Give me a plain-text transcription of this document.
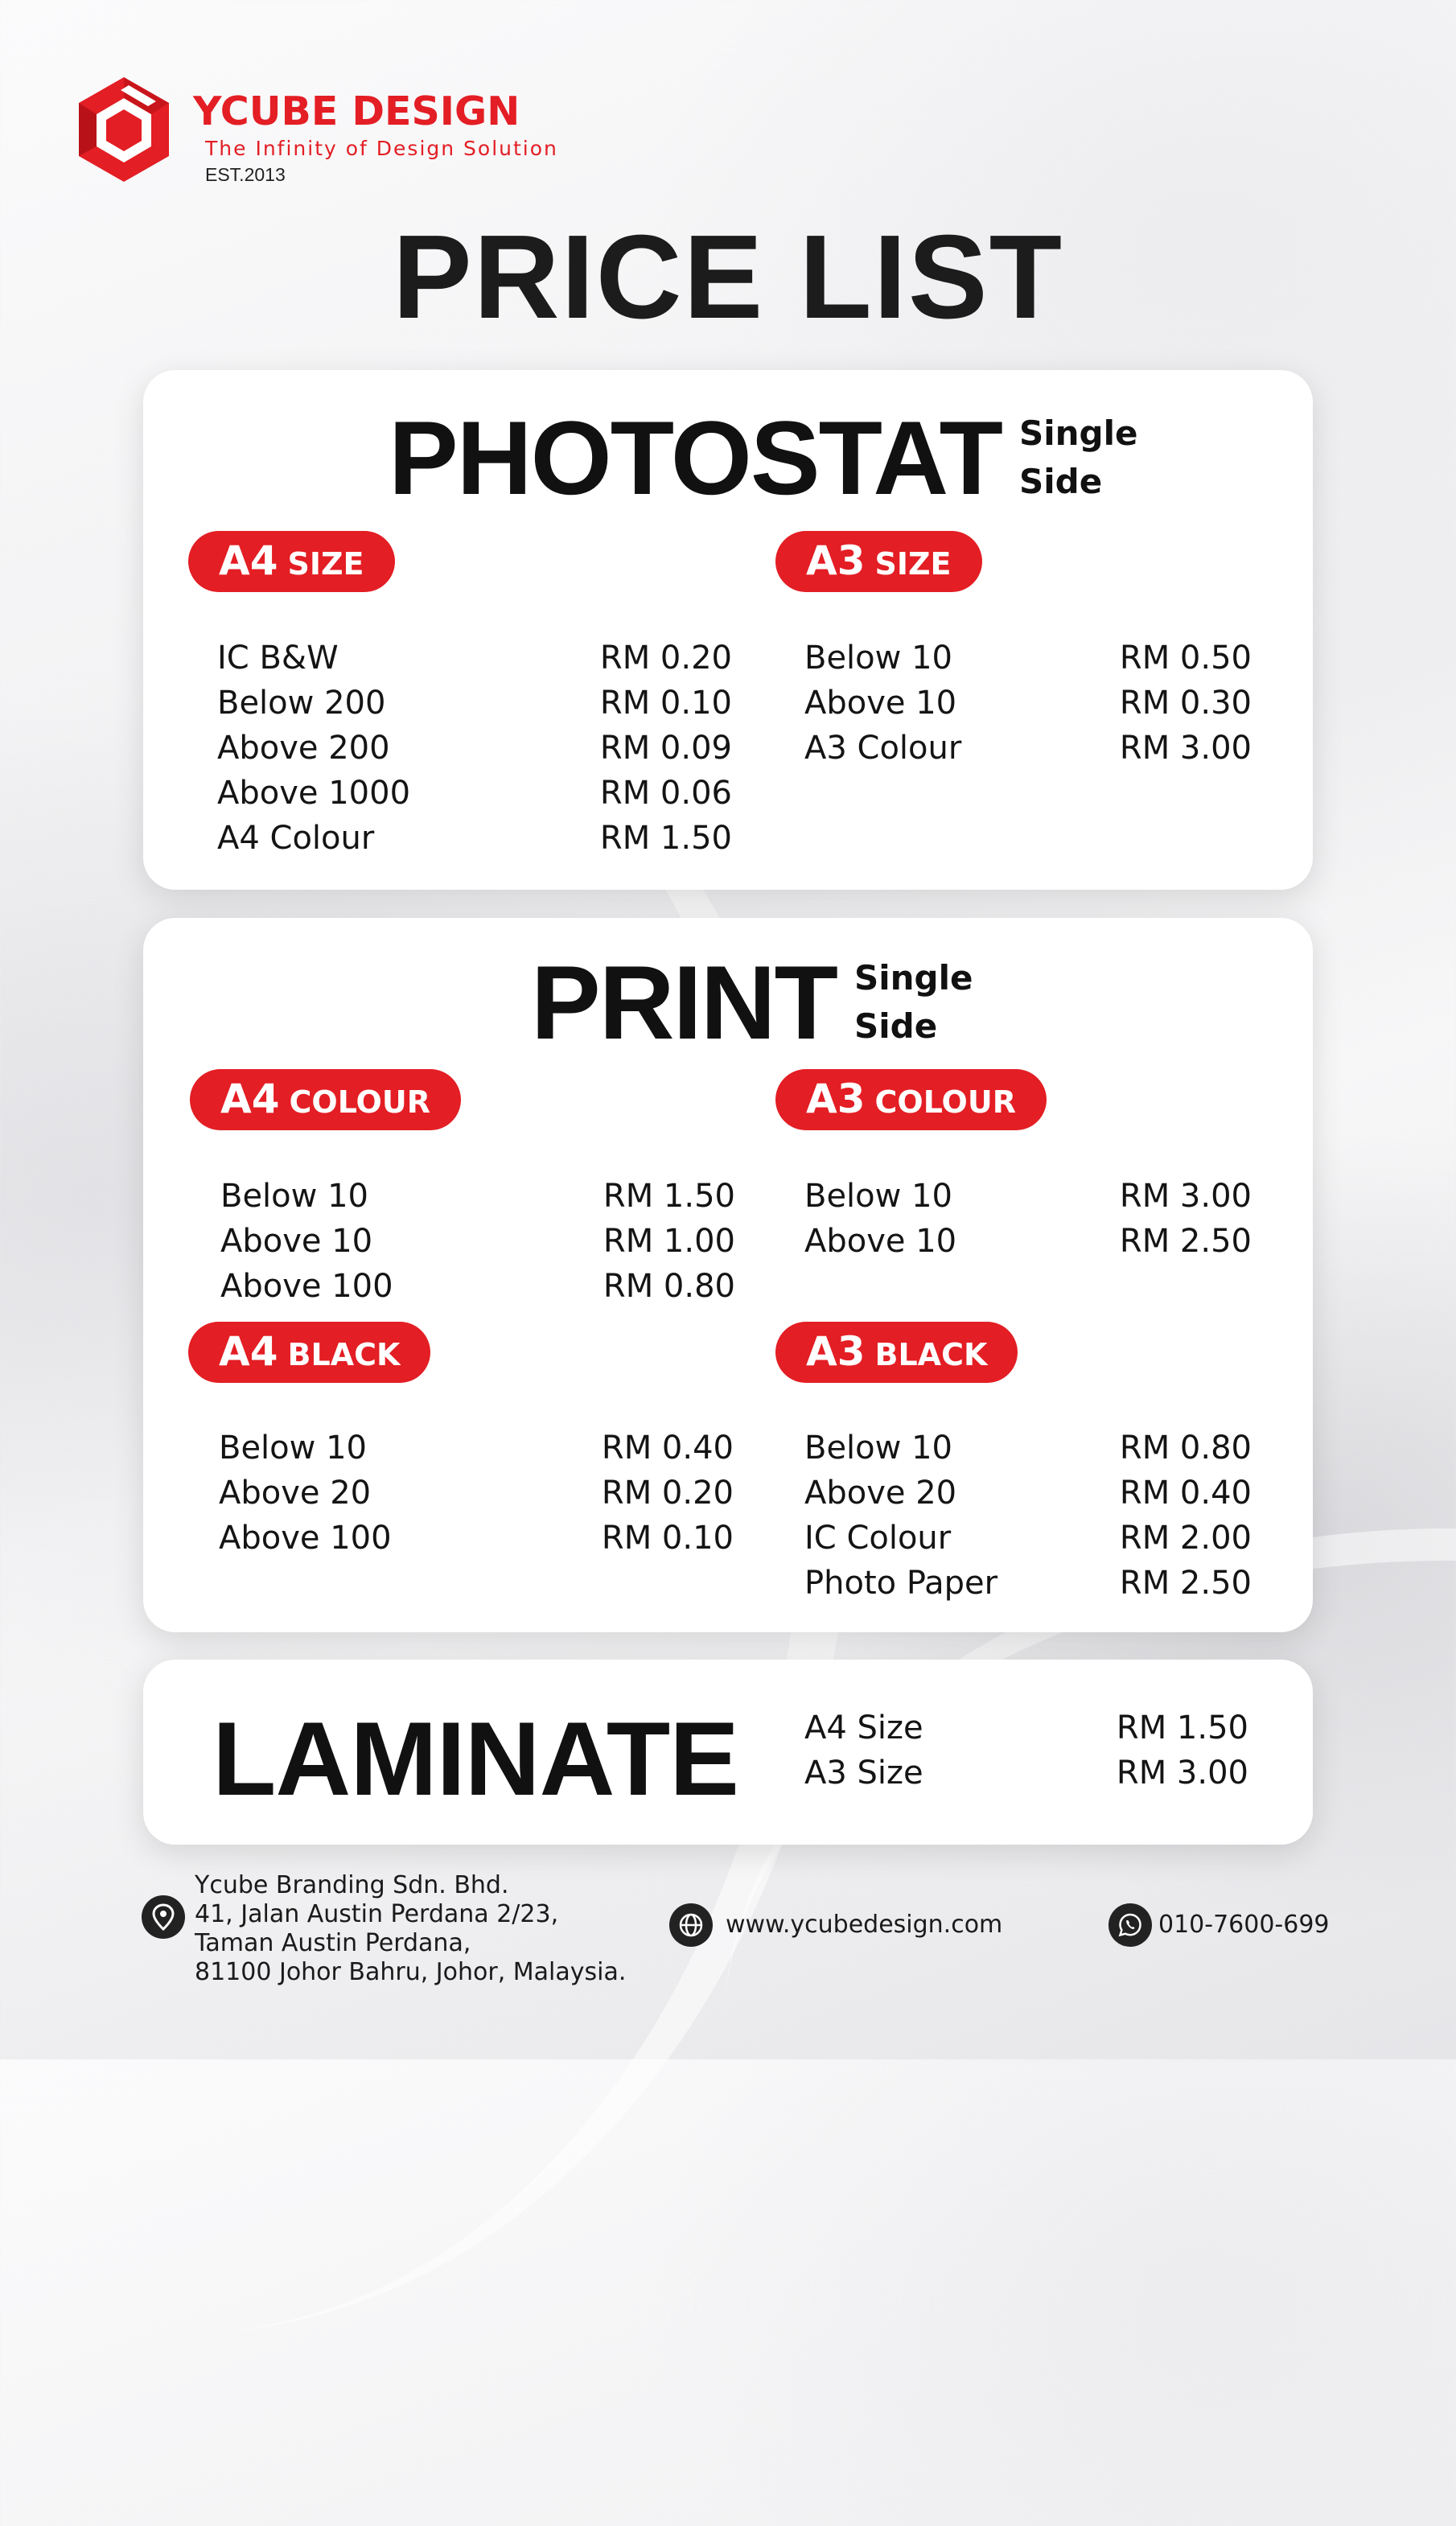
YCUBE DESIGN
The Infinity of Design Solution
EST.2013
PRICE LIST
PHOTOSTAT Single
Side
A4 SIZE	A3 SIZE
IC B&W	RM 0.20
Below 200	RM 0.10
Above 200	RM 0.09
Above 1000	RM 0.06
A4 Colour	RM 1.50
Below 10	RM 0.50
Above 10	RM 0.30
A3 Colour	RM 3.00
PRINT Single
Side
A4 COLOUR	A3 COLOUR
Below 10	RM 1.50
Above 10	RM 1.00
Above 100	RM 0.80
Below 10	RM 3.00
Above 10	RM 2.50
A4 BLACK	A3 BLACK
Below 10	RM 0.40
Above 20	RM 0.20
Above 100	RM 0.10
Below 10	RM 0.80
Above 20	RM 0.40
IC Colour	RM 2.00
Photo Paper	RM 2.50
LAMINATE A4 Size	RM 1.50
A3 Size	RM 3.00
Ycube Branding Sdn. Bhd.
41, Jalan Austin Perdana 2/23,
Taman Austin Perdana,
81100 Johor Bahru, Johor, Malaysia.
www.ycubedesign.com	010-7600-699
